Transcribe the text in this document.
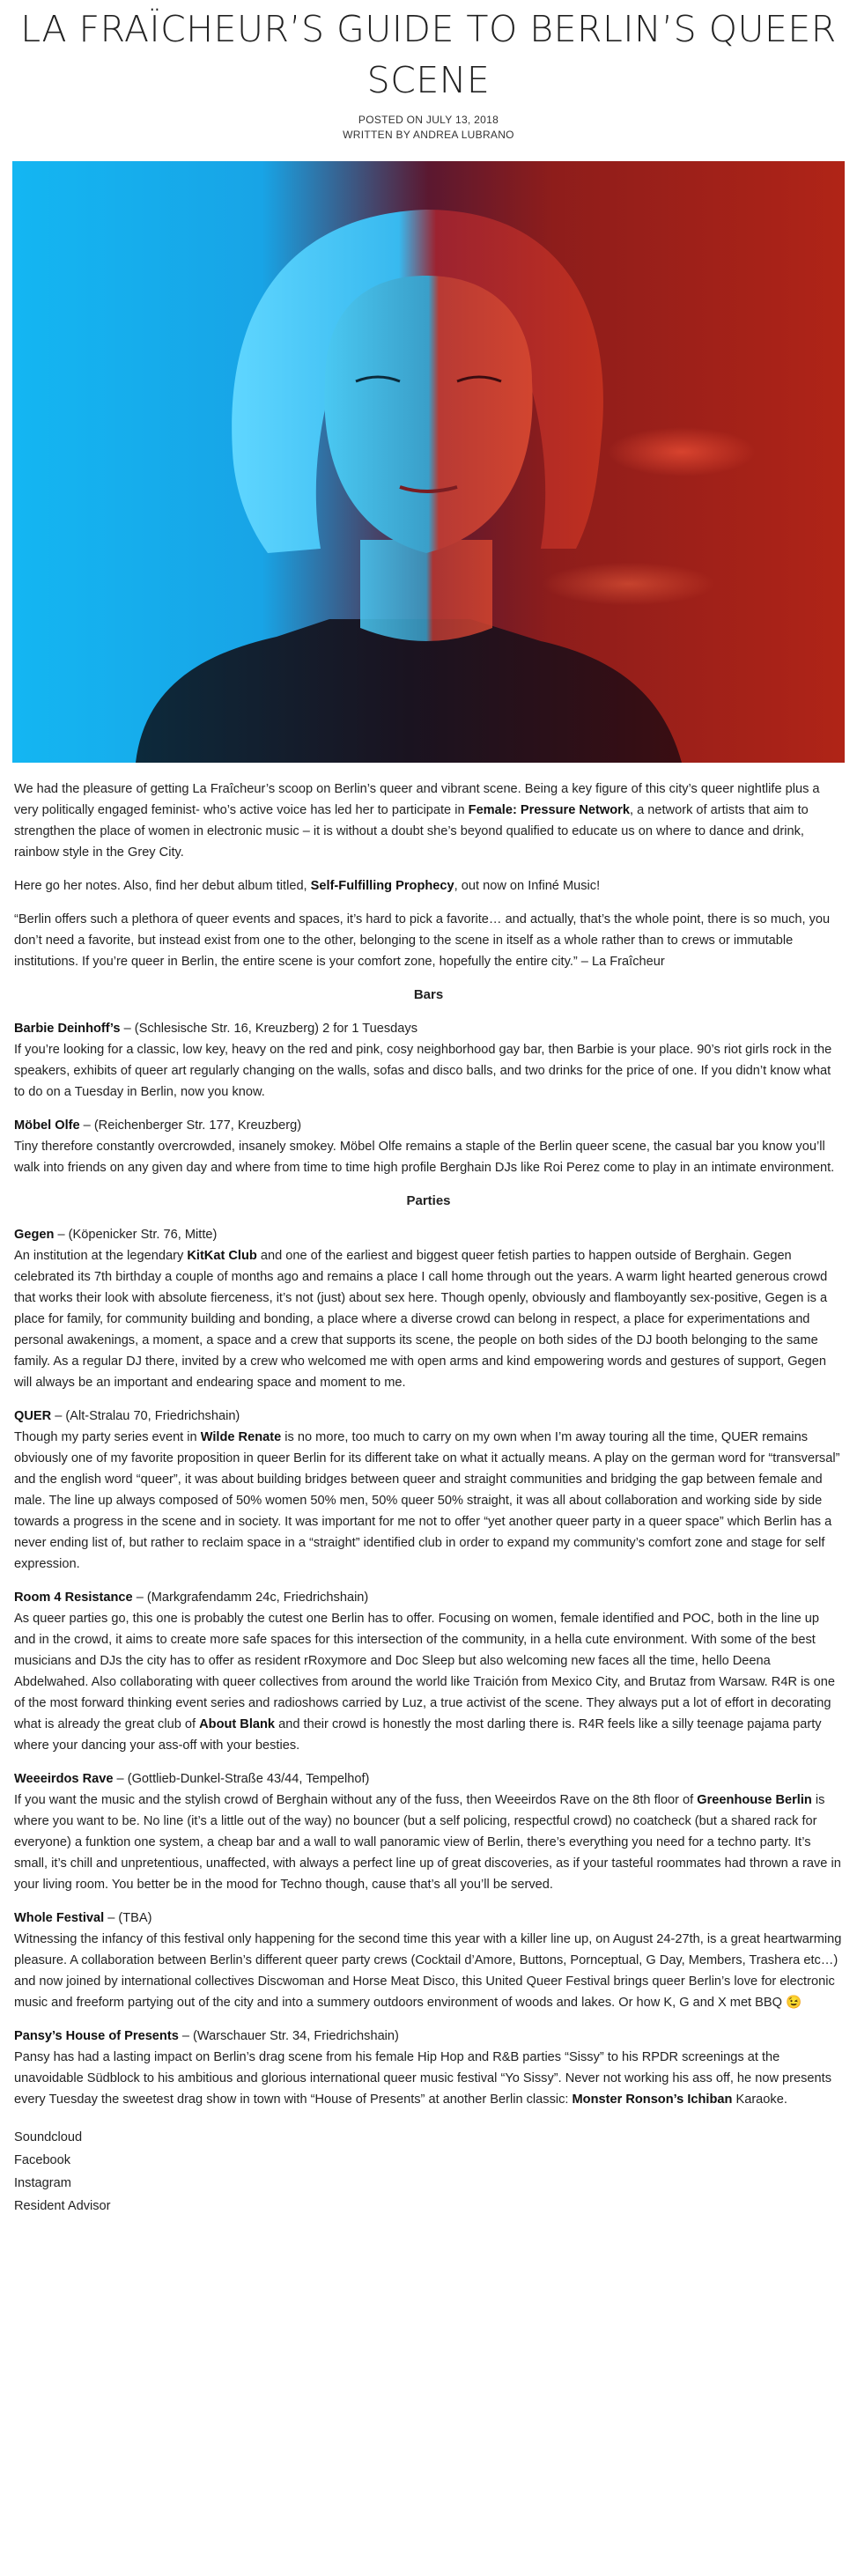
LA FRAÏCHEUR’S GUIDE TO BERLIN’S QUEER SCENE
POSTED ON JULY 13, 2018
WRITTEN BY ANDREA LUBRANO

We had the pleasure of getting La Fraîcheur’s scoop on Berlin’s queer and vibrant scene. Being a key figure of this city’s queer nightlife plus a very politically engaged feminist- who’s active voice has led her to participate in Female: Pressure Network, a network of artists that aim to strengthen the place of women in electronic music – it is without a doubt she’s beyond qualified to educate us on where to dance and drink, rainbow style in the Grey City.

Here go her notes. Also, find her debut album titled, Self-Fulfilling Prophecy, out now on Infiné Music!

“Berlin offers such a plethora of queer events and spaces, it’s hard to pick a favorite… and actually, that’s the whole point, there is so much, you don’t need a favorite, but instead exist from one to the other, belonging to the scene in itself as a whole rather than to crews or immutable institutions. If you’re queer in Berlin, the entire scene is your comfort zone, hopefully the entire city.” – La Fraîcheur

Bars

Barbie Deinhoff’s – (Schlesische Str. 16, Kreuzberg) 2 for 1 Tuesdays

If you’re looking for a classic, low key, heavy on the red and pink, cosy neighborhood gay bar, then Barbie is your place. 90’s riot girls rock in the speakers, exhibits of queer art regularly changing on the walls, sofas and disco balls, and two drinks for the price of one. If you didn’t know what to do on a Tuesday in Berlin, now you know.

Möbel Olfe – (Reichenberger Str. 177, Kreuzberg)

Tiny therefore constantly overcrowded, insanely smokey. Möbel Olfe remains a staple of the Berlin queer scene, the casual bar you know you’ll walk into friends on any given day and where from time to time high profile Berghain DJs like Roi Perez come to play in an intimate environment.

Parties

Gegen – (Köpenicker Str. 76, Mitte)

An institution at the legendary KitKat Club and one of the earliest and biggest queer fetish parties to happen outside of Berghain. Gegen celebrated its 7th birthday a couple of months ago and remains a place I call home through out the years. A warm light hearted generous crowd that works their look with absolute fierceness, it’s not (just) about sex here. Though openly, obviously and flamboyantly sex-positive, Gegen is a place for family, for community building and bonding, a place where a diverse crowd can belong in respect, a place for experimentations and personal awakenings, a moment, a space and a crew that supports its scene, the people on both sides of the DJ booth belonging to the same family. As a regular DJ there, invited by a crew who welcomed me with open arms and kind empowering words and gestures of support, Gegen will always be an important and endearing space and moment to me.

QUER – (Alt-Stralau 70, Friedrichshain)

Though my party series event in Wilde Renate is no more, too much to carry on my own when I’m away touring all the time, QUER remains obviously one of my favorite proposition in queer Berlin for its different take on what it actually means. A play on the german word for “transversal” and the english word “queer”, it was about building bridges between queer and straight communities and bridging the gap between female and male. The line up always composed of 50% women 50% men, 50% queer 50% straight, it was all about collaboration and working side by side towards a progress in the scene and in society. It was important for me not to offer “yet another queer party in a queer space” which Berlin has a never ending list of, but rather to reclaim space in a “straight” identified club in order to expand my community’s comfort zone and stage for self expression.

Room 4 Resistance – (Markgrafendamm 24c, Friedrichshain)

As queer parties go, this one is probably the cutest one Berlin has to offer. Focusing on women, female identified and POC, both in the line up and in the crowd, it aims to create more safe spaces for this intersection of the community, in a hella cute environment. With some of the best musicians and DJs the city has to offer as resident rRoxymore and Doc Sleep but also welcoming new faces all the time, hello Deena Abdelwahed. Also collaborating with queer collectives from around the world like Traición from Mexico City, and Brutaz from Warsaw. R4R is one of the most forward thinking event series and radioshows carried by Luz, a true activist of the scene. They always put a lot of effort in decorating what is already the great club of About Blank and their crowd is honestly the most darling there is. R4R feels like a silly teenage pajama party where your dancing your ass-off with your besties.

Weeeirdos Rave – (Gottlieb-Dunkel-Straße 43/44, Tempelhof)

If you want the music and the stylish crowd of Berghain without any of the fuss, then Weeeirdos Rave on the 8th floor of Greenhouse Berlin is where you want to be. No line (it’s a little out of the way) no bouncer (but a self policing, respectful crowd) no coatcheck (but a shared rack for everyone) a funktion one system, a cheap bar and a wall to wall panoramic view of Berlin, there’s everything you need for a techno party. It’s small, it’s chill and unpretentious, unaffected, with always a perfect line up of great discoveries, as if your tasteful roommates had thrown a rave in your living room. You better be in the mood for Techno though, cause that’s all you’ll be served.

Whole Festival – (TBA)

Witnessing the infancy of this festival only happening for the second time this year with a killer line up, on August 24-27th, is a great heartwarming pleasure. A collaboration between Berlin’s different queer party crews (Cocktail d’Amore, Buttons, Pornceptual, G Day, Members, Trashera etc…) and now joined by international collectives Discwoman and Horse Meat Disco, this United Queer Festival brings queer Berlin’s love for electronic music and freeform partying out of the city and into a summery outdoors environment of woods and lakes. Or how K, G and X met BBQ 😉

Pansy’s House of Presents – (Warschauer Str. 34, Friedrichshain)

Pansy has had a lasting impact on Berlin’s drag scene from his female Hip Hop and R&B parties “Sissy” to his RPDR screenings at the unavoidable Südblock to his ambitious and glorious international queer music festival “Yo Sissy”. Never not working his ass off, he now presents every Tuesday the sweetest drag show in town with “House of Presents” at another Berlin classic: Monster Ronson’s Ichiban Karaoke.

Soundcloud
Facebook
Instagram
Resident Advisor
